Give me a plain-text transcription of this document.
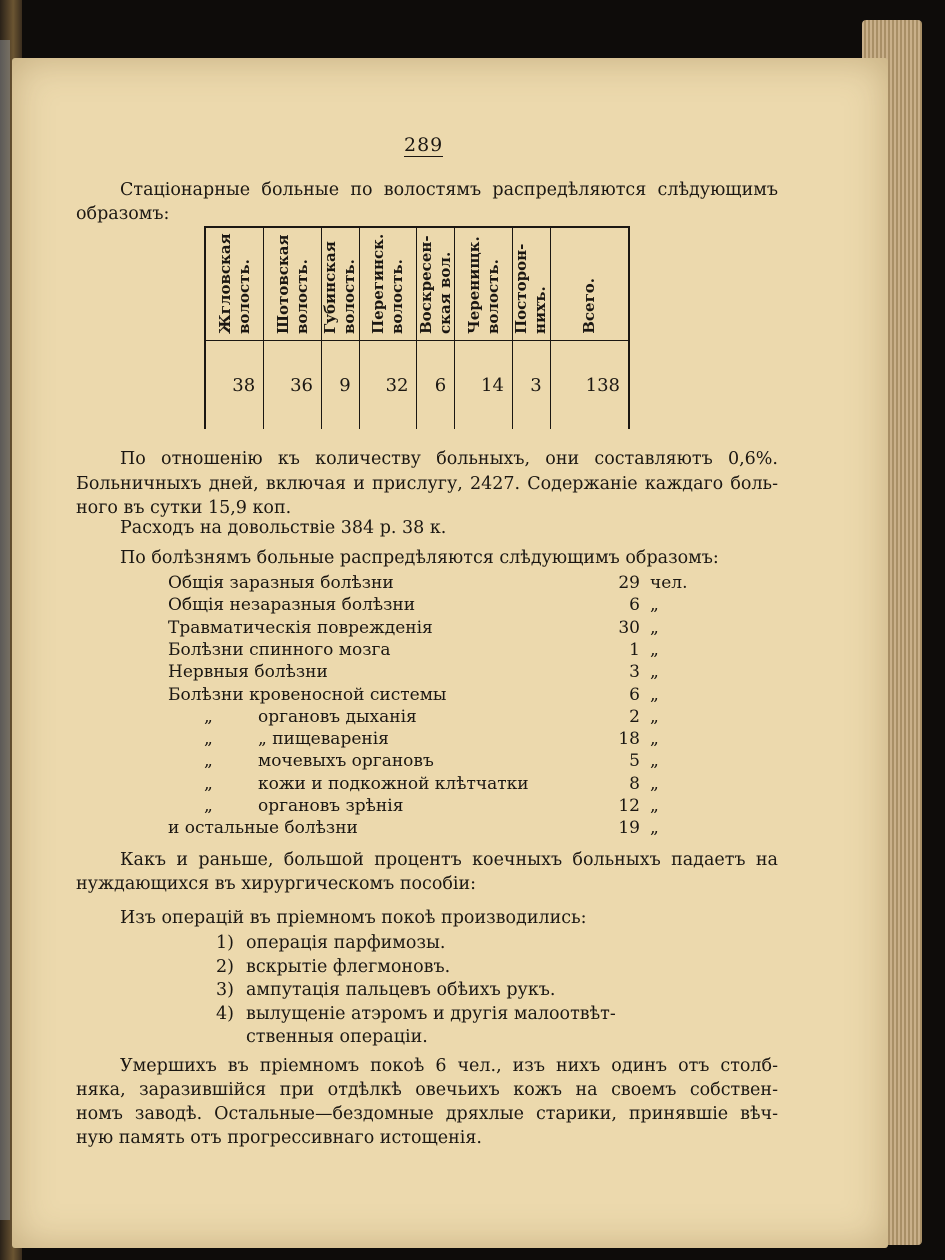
289

Стаціонарные больные по волостямъ распредѣляются слѣдующимъ

образомъ:

Жгловская волость.	Шотовская волость.	Губинская волость.	Перегинск. волость.	Воскресен-ская вол.	Черенищк. волость.	Посторон-нихъ.	Всего.

38	36	9	32	6	14	3	138

По отношенію къ количеству больныхъ, они составляютъ 0,6%.

Больничныхъ дней, включая и прислугу, 2427. Содержаніе каждаго боль-

ного въ сутки 15,9 коп.

Расходъ на довольствіе 384 р. 38 к.

По болѣзнямъ больные распредѣляются слѣдующимъ образомъ:

Общія заразныя болѣзни	29 чел.
Общія незаразныя болѣзни	6 „
Травматическія поврежденія	30 „
Болѣзни спинного мозга	1 „
Нервныя болѣзни	3 „
Болѣзни кровеносной системы	6 „
„	органовъ дыханія	2 „
„	„ пищеваренія	18 „
„	мочевыхъ органовъ	5 „
„	кожи и подкожной клѣтчатки	8 „
„	органовъ зрѣнія	12 „
и остальные болѣзни	19 „

Какъ и раньше, большой процентъ коечныхъ больныхъ падаетъ на

нуждающихся въ хирургическомъ пособіи:

Изъ операцій въ пріемномъ покоѣ производились:

1) операція парфимозы.

2) вскрытіе флегмоновъ.

3) ампутація пальцевъ обѣихъ рукъ.

4) вылущеніе атэромъ и другія малоотвѣт-

ственныя операціи.

Умершихъ въ пріемномъ покоѣ 6 чел., изъ нихъ одинъ отъ столб-

няка, заразившійся при отдѣлкѣ овечьихъ кожъ на своемъ собствен-

номъ заводѣ. Остальные—бездомные дряхлые старики, принявшіе вѣч-

ную память отъ прогрессивнаго истощенія.
